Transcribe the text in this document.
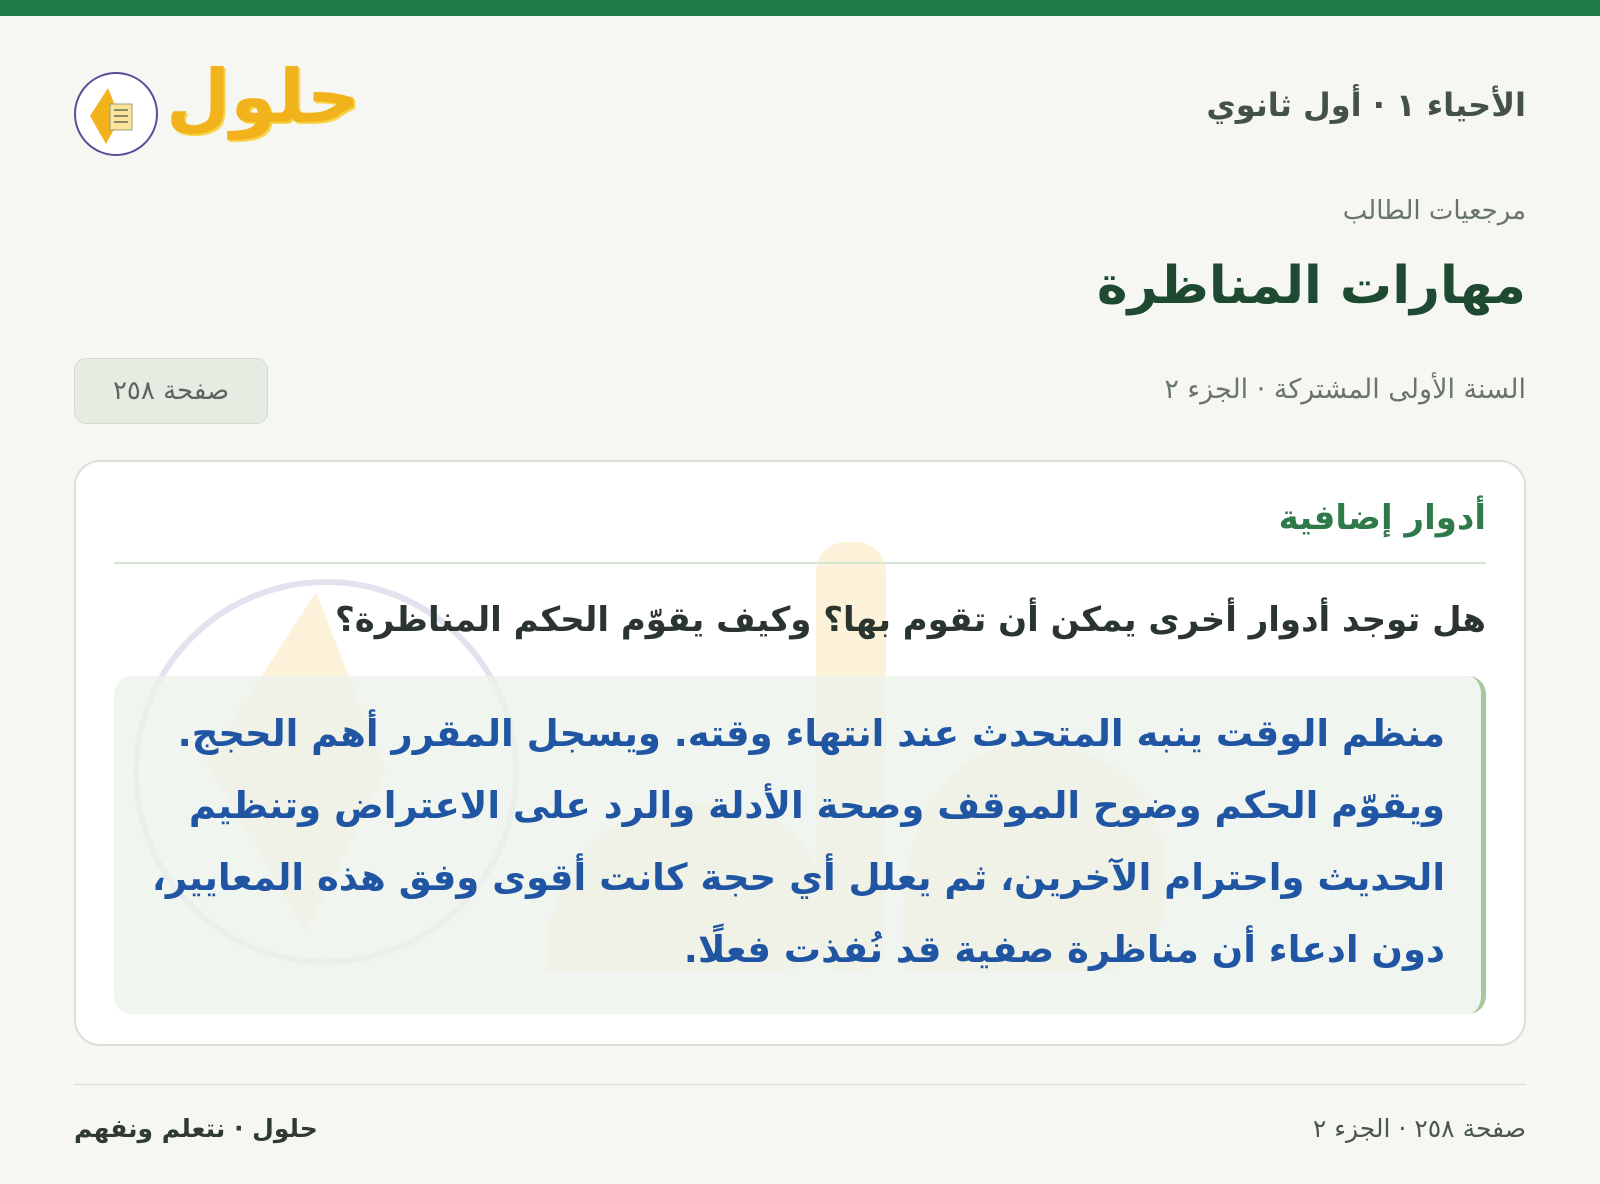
حلول	الأحياء ١ · أول ثانوي
مرجعيات الطالب
مهارات المناظرة
السنة الأولى المشتركة · الجزء ٢
صفحة ٢٥٨
أدوار إضافية
هل توجد أدوار أخرى يمكن أن تقوم بها؟ وكيف يقوّم الحكم المناظرة؟

منظم الوقت ينبه المتحدث عند انتهاء وقته. ويسجل المقرر أهم الحجج. ويقوّم الحكم وضوح الموقف وصحة الأدلة والرد على الاعتراض وتنظيم الحديث واحترام الآخرين، ثم يعلل أي حجة كانت أقوى وفق هذه المعايير، دون ادعاء أن مناظرة صفية قد نُفذت فعلًا.

حلول · نتعلم ونفهم	صفحة ٢٥٨ · الجزء ٢
